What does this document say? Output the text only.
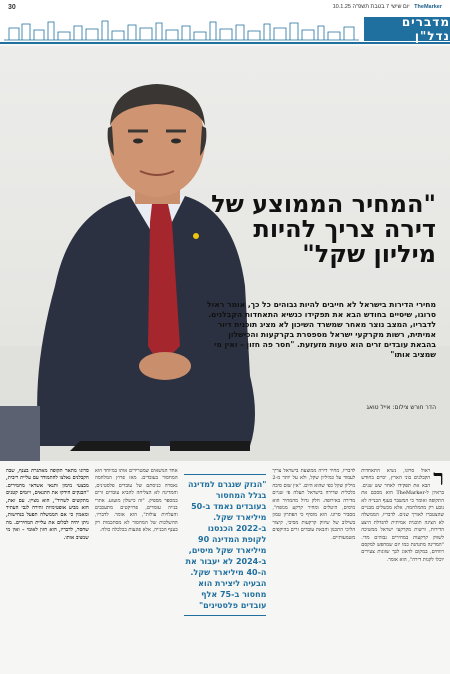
30	TheMarker יום שישי 7 בטבת תשפ"ה 10.1.25
מדברים נדל"ן
"המחיר הממוצע של דירה צריך להיות מיליון שקל"
מחירי הדירות בישראל לא חייבים להיות גבוהים כל כך, אומר ראול סרוגו, שיסיים בחודש הבא את תפקידו כנשיא התאחדות הקבלנים. לדבריו, המצב נוצר מאחר שמשרד השיכון לא מציג תוכנית דיור אמיתית, רשות מקרקעי ישראל מספסרת בקרקעות והכישלון בהבאת עובדים זרים הוא טעות מזעזעת. "חסר פה חזון – ואין מי שמציב אותו"
הדר חורש צילום: אייל טואג
ר
ראול סרוגו, נשיא התאחדות הקבלנים בוני הארץ, יסיים בחודש הבא את תפקידו לאחר שש שנים. בראיון ל-TheMarker הוא מסכם את התקופה ואומר כי המשבר בענף הבנייה לא נובע רק מהמלחמה, אלא מכשלים מבניים שהצטברו לאורך שנים. לדבריו, הממשלה לא הציגה תוכנית אמיתית להגדלת היצע הדירות, ורשות מקרקעי ישראל ממשיכה לשווק קרקעות במחירים גבוהים מדי. "המדינה מתנהגת כמו יזם שמחפש למקסם רווחים, במקום לדאוג לכך שזוגות צעירים יוכלו לקנות דירה", הוא אומר.
לדבריו, מחיר דירה ממוצעת בישראל צריך לעמוד על כמיליון שקל, ולא על יותר מ-2 מיליון שקל כפי שהוא היום. "אין שום סיבה כלכלית שדירה בישראל תעלה פי שניים מדירה באירופה. חלק גדול מהמחיר הוא מיסים, היטלים ומחיר קרקע מנופח", מסביר סרוגו. הוא מוסיף כי הפתרון טמון בשילוב של שיווק קרקעות מסיבי, קיצור הליכי התכנון והבאת עובדים זרים בהיקפים משמעותיים.
"הנזק שנגרם למדינה בגלל המחסור בעובדים נאמד ב-50 מיליארד שקל. ב-2022 הכנסנו לקופת המדינה 90 מיליארד שקל מיסים, ב-2024 לא יעבור את ה-40 מיליארד שקל. הבעיה ליצירת הוא מחסור ב-75 אלף עובדים פלסטינים"
אחד הנושאים שמטרידים אותו במיוחד הוא המחסור בעובדים. מאז פרוץ המלחמה נאסרה כניסתם של עובדים פלסטינים, והמדינה לא הצליחה להביא עובדים זרים במספר מספיק. "זה כישלון מזעזע. אתרי בנייה עומדים, פרויקטים מתעכבים והעלויות עולות", הוא אומר. לדבריו, ההשלכות של המחסור לא מסתכמות רק בענף הבנייה, אלא פוגעות בכלכלה כולה.
סרוגו מתאר תקופה מאתגרת בענף, שבה הקבלנים נאלצו להתמודד עם עליית ריבית, מבצעי מימון ותנאי אשראי מחמירים. "הבנקים הידקו את התנאים, ויזמים קטנים מתקשים לשרוד", הוא מציין. עם זאת, הוא מביע אופטימיות זהירה לגבי העתיד ומאמין כי אם הממשלה תפעל בנחישות, ניתן יהיה לבלום את עליית המחירים. מה שחסר, לדבריו, הוא חזון לאומי – ואין מי שמציב אותו.
